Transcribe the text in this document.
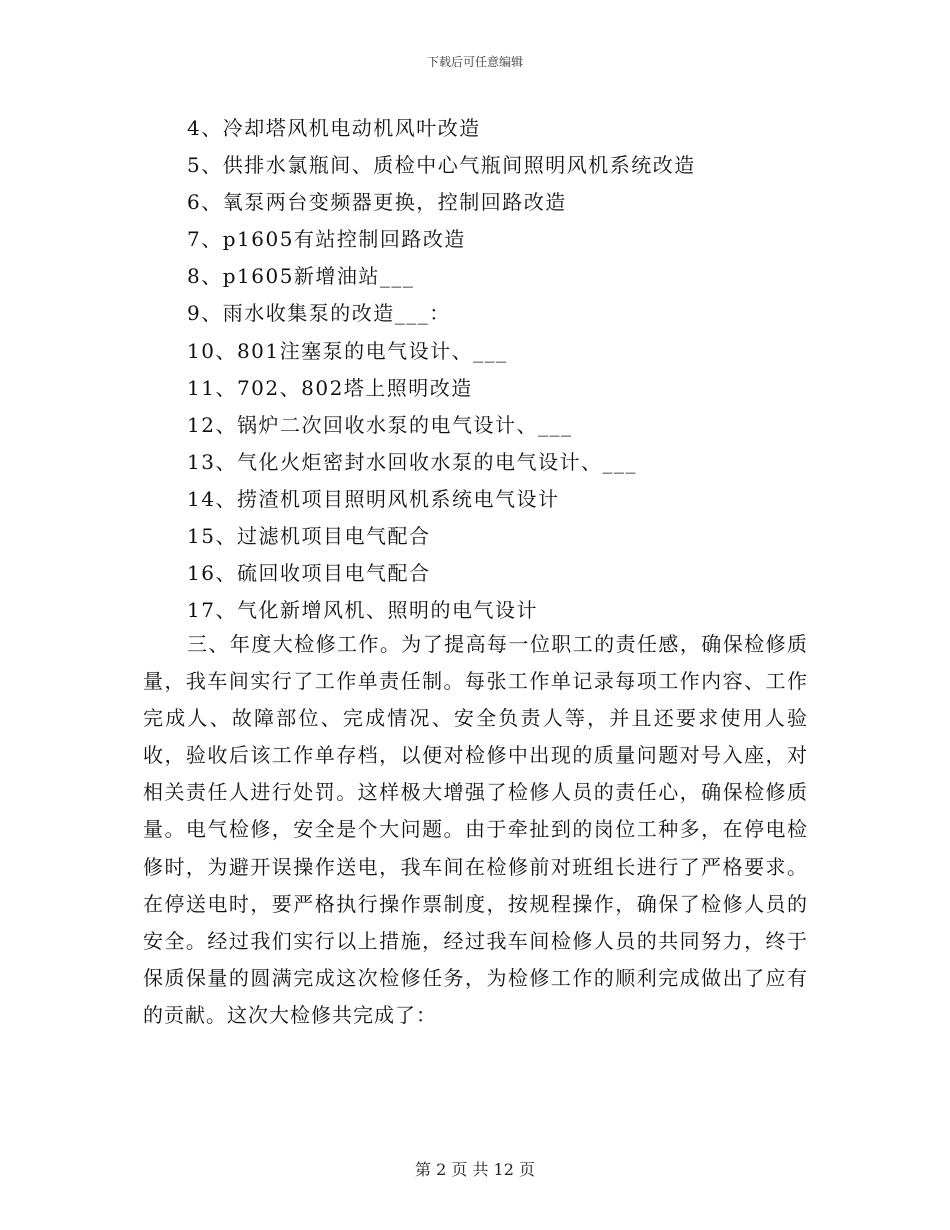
下载后可任意编辑
4、冷却塔风机电动机风叶改造
5、供排水氯瓶间、质检中心气瓶间照明风机系统改造
6、氧泵两台变频器更换，控制回路改造
7、p1605有站控制回路改造
8、p1605新增油站___
9、雨水收集泵的改造___：
10、801注塞泵的电气设计、___
11、702、802塔上照明改造
12、锅炉二次回收水泵的电气设计、___
13、气化火炬密封水回收水泵的电气设计、___
14、捞渣机项目照明风机系统电气设计
15、过滤机项目电气配合
16、硫回收项目电气配合
17、气化新增风机、照明的电气设计

三、年度大检修工作。为了提高每一位职工的责任感，确保检修质量，我车间实行了工作单责任制。每张工作单记录每项工作内容、工作完成人、故障部位、完成情况、安全负责人等，并且还要求使用人验收，验收后该工作单存档，以便对检修中出现的质量问题对号入座，对相关责任人进行处罚。这样极大增强了检修人员的责任心，确保检修质量。电气检修，安全是个大问题。由于牵扯到的岗位工种多，在停电检修时，为避开误操作送电，我车间在检修前对班组长进行了严格要求。在停送电时，要严格执行操作票制度，按规程操作，确保了检修人员的安全。经过我们实行以上措施，经过我车间检修人员的共同努力，终于保质保量的圆满完成这次检修任务，为检修工作的顺利完成做出了应有的贡献。这次大检修共完成了：

第 2 页 共 12 页
